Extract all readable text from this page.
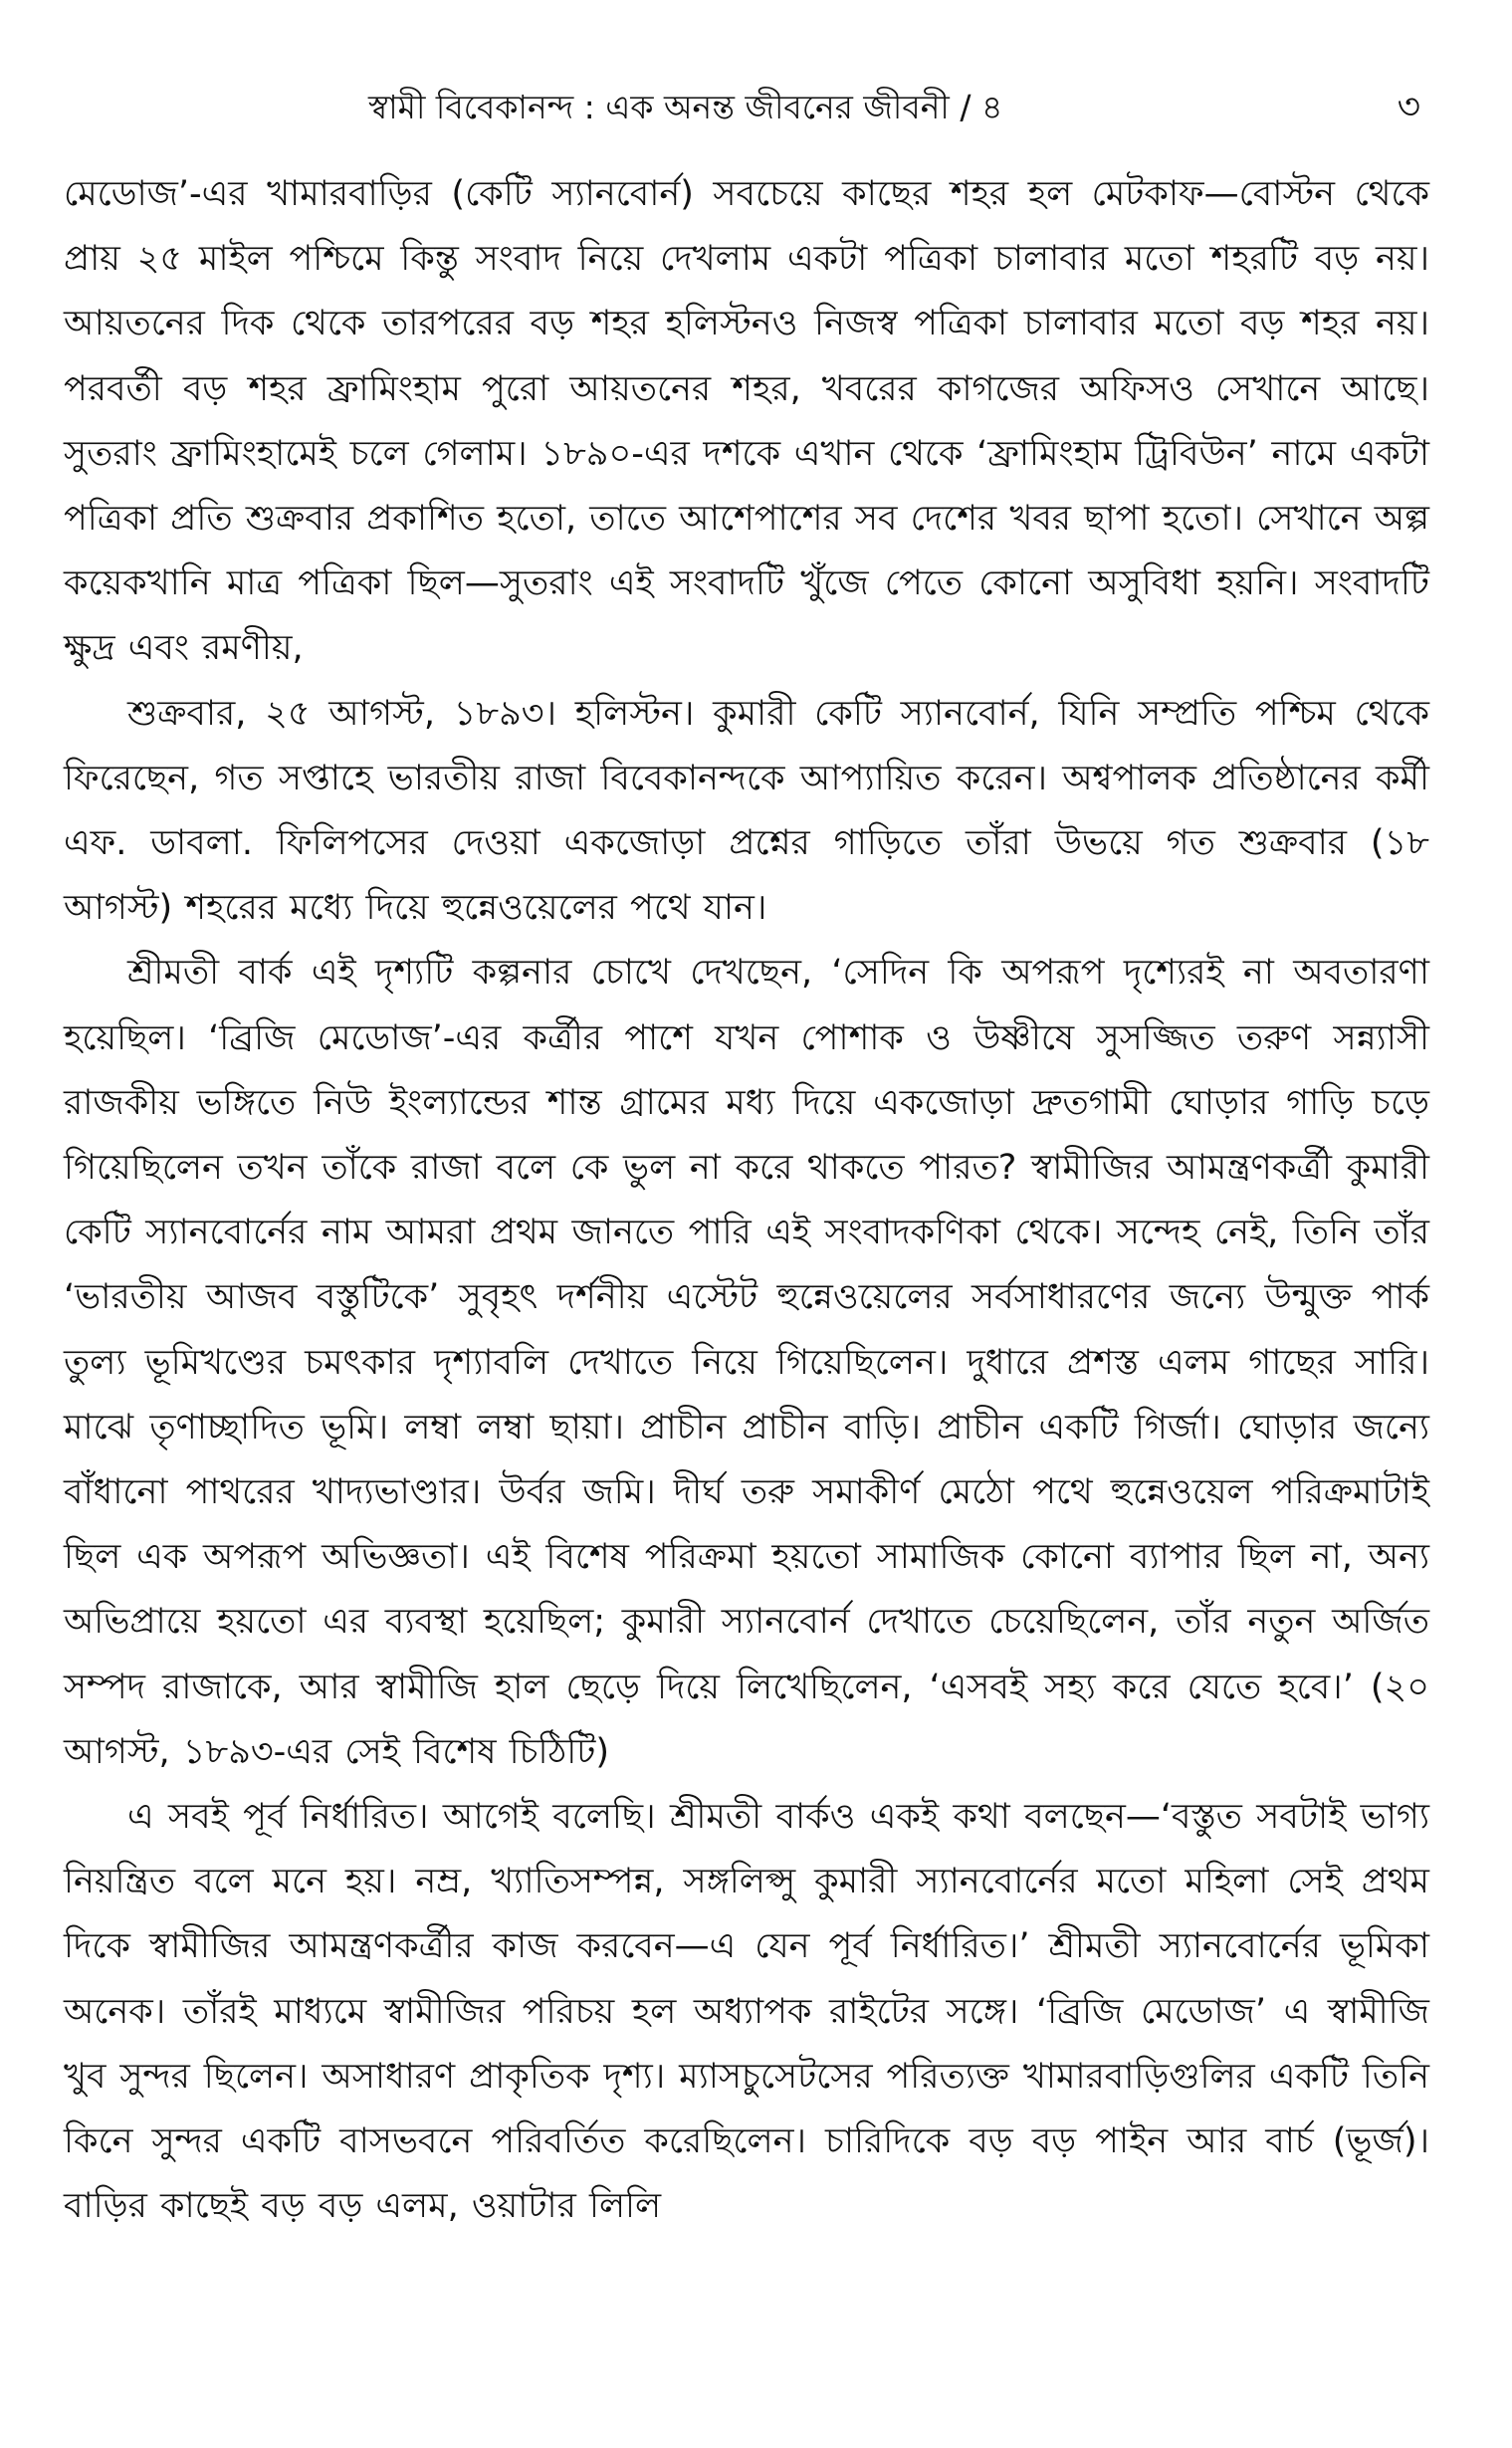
স্বামী বিবেকানন্দ : এক অনন্ত জীবনের জীবনী / ৪	৩

মেডোজ’-এর খামারবাড়ির (কেটি স্যানবোর্ন) সবচেয়ে কাছের শহর হল মেটকাফ—বোস্টন থেকে প্রায় ২৫ মাইল পশ্চিমে কিন্তু সংবাদ নিয়ে দেখলাম একটা পত্রিকা চালাবার মতো শহরটি বড় নয়। আয়তনের দিক থেকে তারপরের বড় শহর হলিস্টনও নিজস্ব পত্রিকা চালাবার মতো বড় শহর নয়। পরবর্তী বড় শহর ফ্রামিংহাম পুরো আয়তনের শহর, খবরের কাগজের অফিসও সেখানে আছে। সুতরাং ফ্রামিংহামেই চলে গেলাম। ১৮৯০-এর দশকে এখান থেকে ‘ফ্রামিংহাম ট্রিবিউন’ নামে একটা পত্রিকা প্রতি শুক্রবার প্রকাশিত হতো, তাতে আশেপাশের সব দেশের খবর ছাপা হতো। সেখানে অল্প কয়েকখানি মাত্র পত্রিকা ছিল—সুতরাং এই সংবাদটি খুঁজে পেতে কোনো অসুবিধা হয়নি। সংবাদটি ক্ষুদ্র এবং রমণীয়,

শুক্রবার, ২৫ আগস্ট, ১৮৯৩। হলিস্টন। কুমারী কেটি স্যানবোর্ন, যিনি সম্প্রতি পশ্চিম থেকে ফিরেছেন, গত সপ্তাহে ভারতীয় রাজা বিবেকানন্দকে আপ্যায়িত করেন। অশ্বপালক প্রতিষ্ঠানের কর্মী এফ. ডাবলা. ফিলিপসের দেওয়া একজোড়া প্রশ্নের গাড়িতে তাঁরা উভয়ে গত শুক্রবার (১৮ আগস্ট) শহরের মধ্যে দিয়ে হুন্নেওয়েলের পথে যান।

শ্রীমতী বার্ক এই দৃশ্যটি কল্পনার চোখে দেখছেন, ‘সেদিন কি অপরূপ দৃশ্যেরই না অবতারণা হয়েছিল। ‘ব্রিজি মেডোজ’-এর কর্ত্রীর পাশে যখন পোশাক ও উষ্ণীষে সুসজ্জিত তরুণ সন্ন্যাসী রাজকীয় ভঙ্গিতে নিউ ইংল্যান্ডের শান্ত গ্রামের মধ্য দিয়ে একজোড়া দ্রুতগামী ঘোড়ার গাড়ি চড়ে গিয়েছিলেন তখন তাঁকে রাজা বলে কে ভুল না করে থাকতে পারত? স্বামীজির আমন্ত্রণকর্ত্রী কুমারী কেটি স্যানবোর্নের নাম আমরা প্রথম জানতে পারি এই সংবাদকণিকা থেকে। সন্দেহ নেই, তিনি তাঁর ‘ভারতীয় আজব বস্তুটিকে’ সুবৃহৎ দর্শনীয় এস্টেট হুন্নেওয়েলের সর্বসাধারণের জন্যে উন্মুক্ত পার্ক তুল্য ভূমিখণ্ডের চমৎকার দৃশ্যাবলি দেখাতে নিয়ে গিয়েছিলেন। দুধারে প্রশস্ত এলম গাছের সারি। মাঝে তৃণাচ্ছাদিত ভূমি। লম্বা লম্বা ছায়া। প্রাচীন প্রাচীন বাড়ি। প্রাচীন একটি গির্জা। ঘোড়ার জন্যে বাঁধানো পাথরের খাদ্যভাণ্ডার। উর্বর জমি। দীর্ঘ তরু সমাকীর্ণ মেঠো পথে হুন্নেওয়েল পরিক্রমাটাই ছিল এক অপরূপ অভিজ্ঞতা। এই বিশেষ পরিক্রমা হয়তো সামাজিক কোনো ব্যাপার ছিল না, অন্য অভিপ্রায়ে হয়তো এর ব্যবস্থা হয়েছিল; কুমারী স্যানবোর্ন দেখাতে চেয়েছিলেন, তাঁর নতুন অর্জিত সম্পদ রাজাকে, আর স্বামীজি হাল ছেড়ে দিয়ে লিখেছিলেন, ‘এসবই সহ্য করে যেতে হবে।’ (২০ আগস্ট, ১৮৯৩-এর সেই বিশেষ চিঠিটি)

এ সবই পূর্ব নির্ধারিত। আগেই বলেছি। শ্রীমতী বার্কও একই কথা বলছেন—‘বস্তুত সবটাই ভাগ্য নিয়ন্ত্রিত বলে মনে হয়। নম্র, খ্যাতিসম্পন্ন, সঙ্গলিপ্সু কুমারী স্যানবোর্নের মতো মহিলা সেই প্রথম দিকে স্বামীজির আমন্ত্রণকর্ত্রীর কাজ করবেন—এ যেন পূর্ব নির্ধারিত।’ শ্রীমতী স্যানবোর্নের ভূমিকা অনেক। তাঁরই মাধ্যমে স্বামীজির পরিচয় হল অধ্যাপক রাইটের সঙ্গে। ‘ব্রিজি মেডোজ’ এ স্বামীজি খুব সুন্দর ছিলেন। অসাধারণ প্রাকৃতিক দৃশ্য। ম্যাসচুসেটসের পরিত্যক্ত খামারবাড়িগুলির একটি তিনি কিনে সুন্দর একটি বাসভবনে পরিবর্তিত করেছিলেন। চারিদিকে বড় বড় পাইন আর বার্চ (ভূর্জ)। বাড়ির কাছেই বড় বড় এলম, ওয়াটার লিলি
